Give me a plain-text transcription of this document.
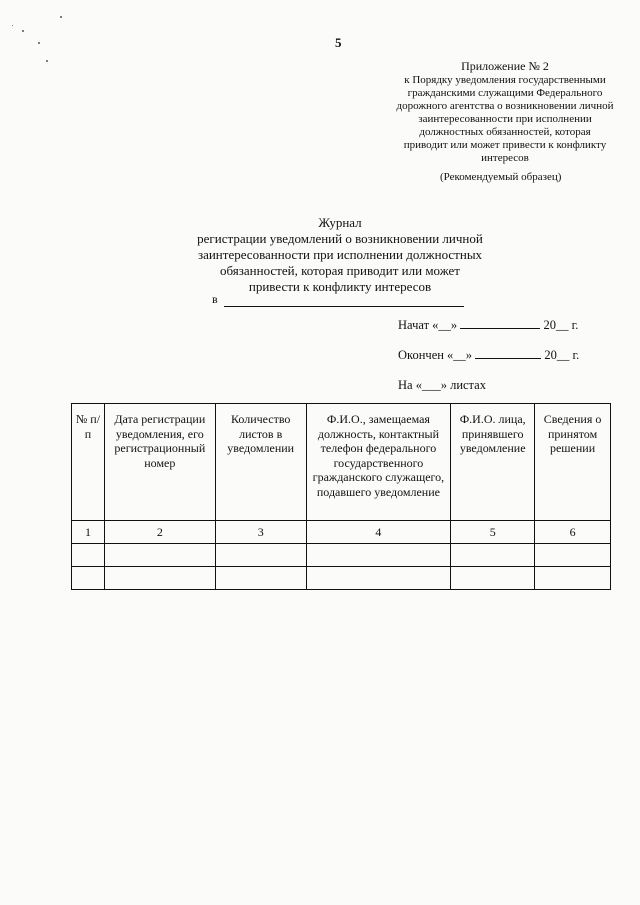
5
Приложение № 2
к Порядку уведомления государственными
гражданскими служащими Федерального
дорожного агентства о возникновении личной
заинтересованности при исполнении
должностных обязанностей, которая
приводит или может привести к конфликту
интересов
(Рекомендуемый образец)
Журнал
регистрации уведомлений о возникновении личной
заинтересованности при исполнении должностных
обязанностей, которая приводит или может
привести к конфликту интересов
в
Начат «__»	20__ г.
Окончен «__»	20__ г.
На «___» листах
№ п/п	Дата регистрации уведомления, его регистрационный номер	Количество листов в уведомлении	Ф.И.О., замещаемая должность, контактный телефон федерального государственного гражданского служащего, подавшего уведомление	Ф.И.О. лица, принявшего уведомление	Сведения о принятом решении
1	2	3	4	5	6
